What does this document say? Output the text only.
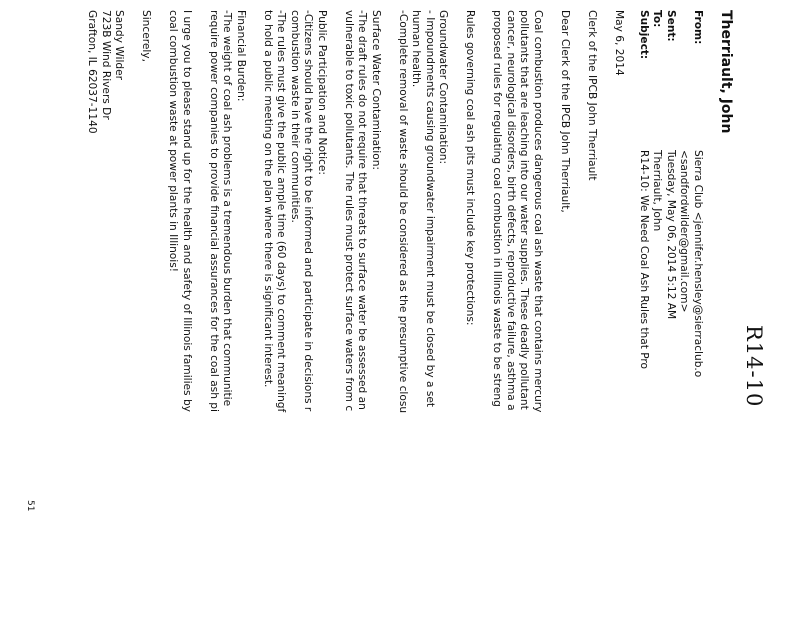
R14-10
Therriault, John
From:
Sierra Club <jennifer.hensley@sierraclub.o
<sandfordwilder@gmail.com>
Sent:
Tuesday, May 06, 2014 5:12 AM
To:
Therriault, John
Subject:
R14-10: We Need Coal Ash Rules that Pro

May 6, 2014

Clerk of the IPCB John Therriault

Dear Clerk of the IPCB John Therriault,

Coal combustion produces dangerous coal ash waste that contains mercury
pollutants that are leaching into our water supplies. These deadly pollutant
cancer, neurological disorders, birth defects, reproductive failure, asthma a
proposed rules for regulating coal combustion in Illinois waste to be streng

Rules governing coal ash pits must include key protections:

Groundwater Contamination:
- Impoundments causing groundwater impairment must be closed by a set
human health.
-Complete removal of waste should be considered as the presumptive closu

Surface Water Contamination:
-The draft rules do not require that threats to surface water be assessed an
vulnerable to toxic pollutants. The rules must protect surface waters from c

Public Participation and Notice:
-Citizens should have the right to be informed and participate in decisions r
combustion waste in their communities.
-The rules must give the public ample time (60 days) to comment meaningf
to hold a public meeting on the plan where there is significant interest.

Financial Burden:
-The weight of coal ash problems is a tremendous burden that communitie
require power companies to provide financial assurances for the coal ash pi

I urge you to please stand up for the health and safety of Illinois families by
coal combustion waste at power plants in Illinois!

Sincerely,

Sandy Wilder
723B Wind Rivers Dr
Grafton, IL 62037-1140

51
